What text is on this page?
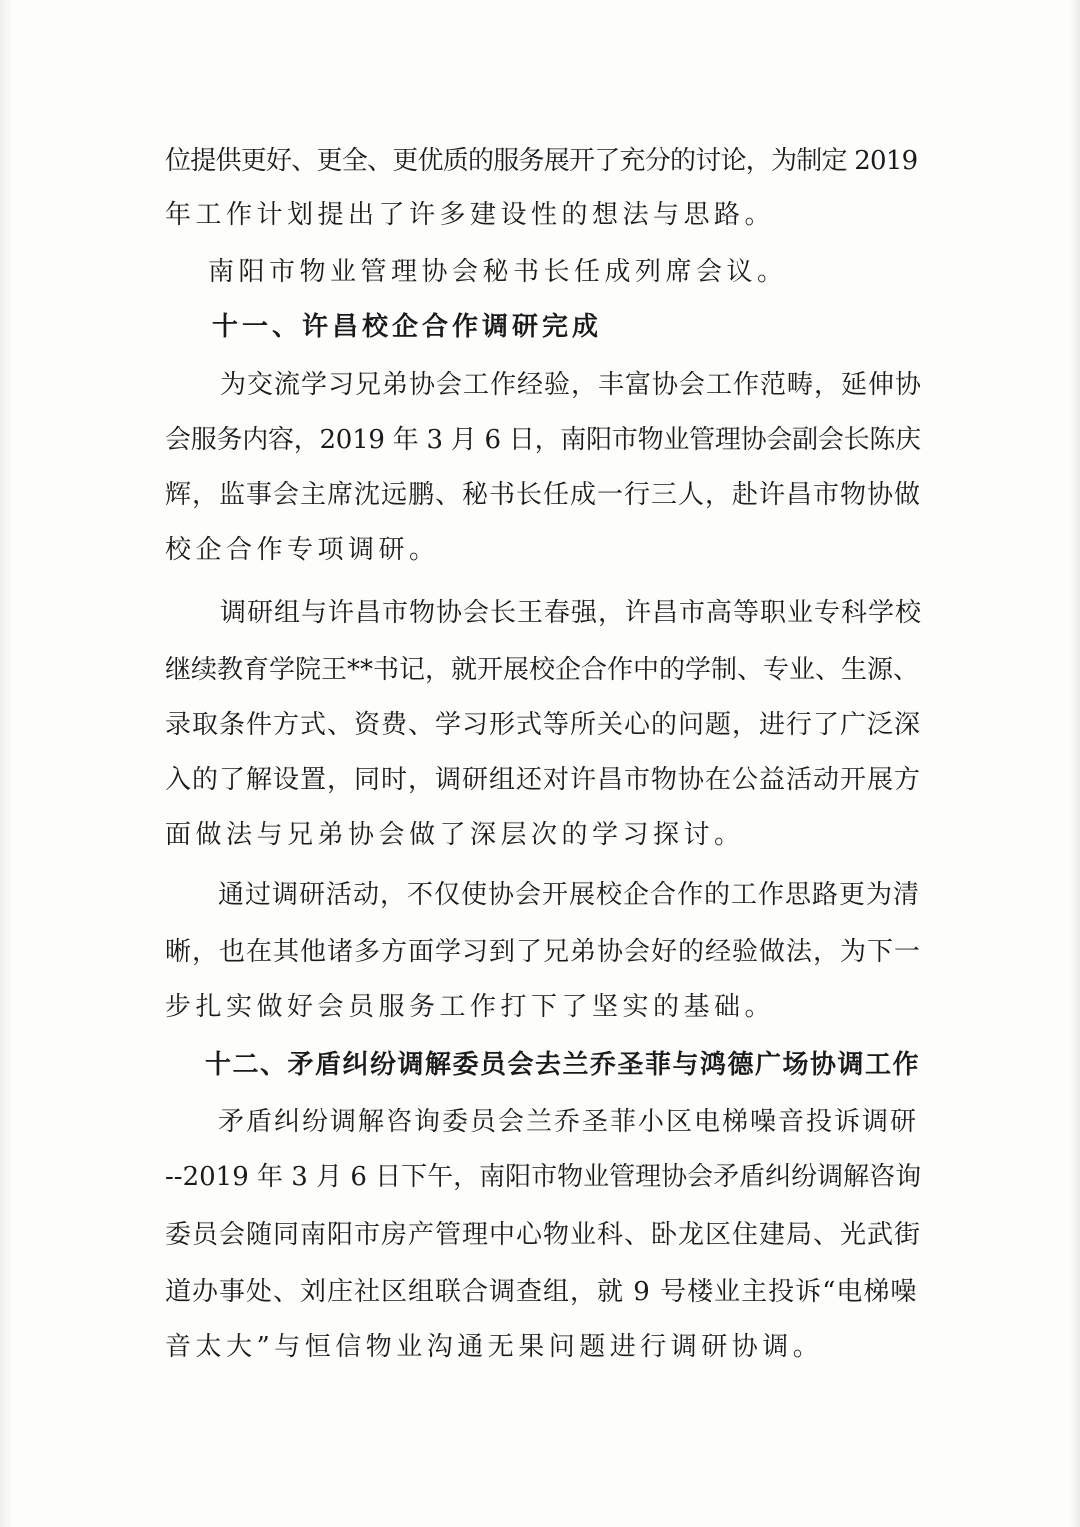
位提供更好、更全、更优质的服务展开了充分的讨论，为制定 2019

年工作计划提出了许多建设性的想法与思路。

南阳市物业管理协会秘书长任成列席会议。

十一、许昌校企合作调研完成

为交流学习兄弟协会工作经验，丰富协会工作范畴，延伸协

会服务内容，2019 年 3 月 6 日，南阳市物业管理协会副会长陈庆

辉，监事会主席沈远鹏、秘书长任成一行三人，赴许昌市物协做

校企合作专项调研。

调研组与许昌市物协会长王春强，许昌市高等职业专科学校

继续教育学院王**书记，就开展校企合作中的学制、专业、生源、

录取条件方式、资费、学习形式等所关心的问题，进行了广泛深

入的了解设置，同时，调研组还对许昌市物协在公益活动开展方

面做法与兄弟协会做了深层次的学习探讨。

通过调研活动，不仅使协会开展校企合作的工作思路更为清

晰，也在其他诸多方面学习到了兄弟协会好的经验做法，为下一

步扎实做好会员服务工作打下了坚实的基础。

十二、矛盾纠纷调解委员会去兰乔圣菲与鸿德广场协调工作

矛盾纠纷调解咨询委员会兰乔圣菲小区电梯噪音投诉调研

--2019 年 3 月 6 日下午，南阳市物业管理协会矛盾纠纷调解咨询

委员会随同南阳市房产管理中心物业科、卧龙区住建局、光武街

道办事处、刘庄社区组联合调查组，就 9 号楼业主投诉“电梯噪

音太大”与恒信物业沟通无果问题进行调研协调。
